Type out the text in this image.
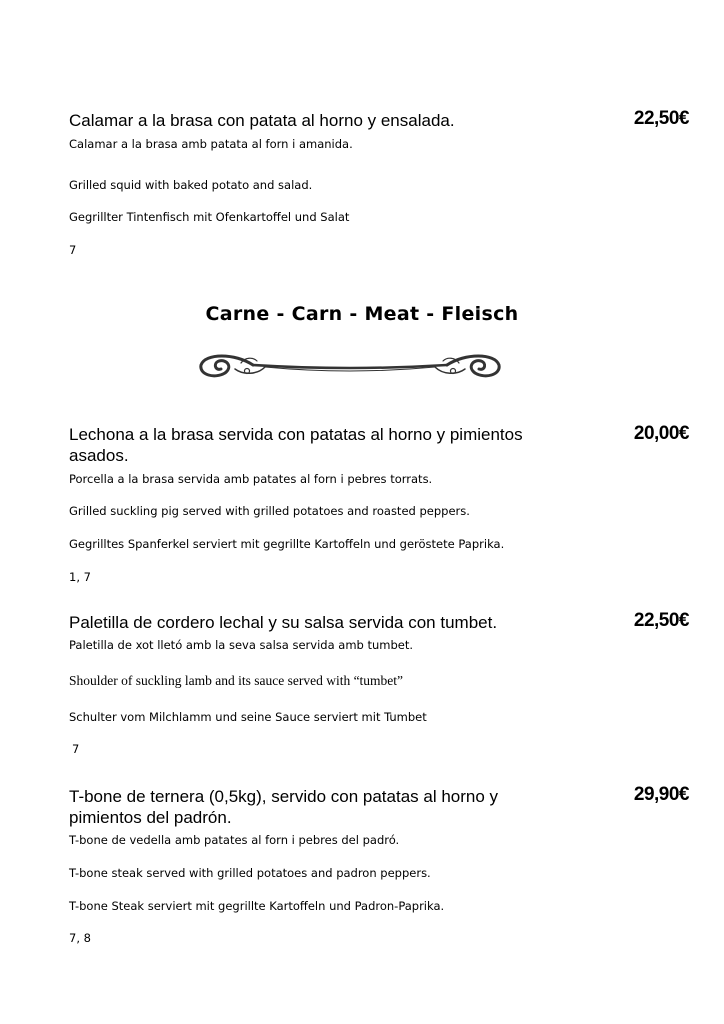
Calamar a la brasa con patata al horno y ensalada.	22,50€

Calamar a la brasa amb patata al forn i amanida.

Grilled squid with baked potato and salad.

Gegrillter Tintenfisch mit Ofenkartoffel und Salat

7
Carne - Carn - Meat - Fleisch

Lechona a la brasa servida con patatas al horno y pimientos asados.

20,00€

Porcella a la brasa servida amb patates al forn i pebres torrats.

Grilled suckling pig served with grilled potatoes and roasted peppers.

Gegrilltes Spanferkel serviert mit gegrillte Kartoffeln und geröstete Paprika.

1, 7

Paletilla de cordero lechal y su salsa servida con tumbet.	22,50€

Paletilla de xot lletó amb la seva salsa servida amb tumbet.

Shoulder of suckling lamb and its sauce served with “tumbet”

Schulter vom Milchlamm und seine Sauce serviert mit Tumbet

7

T-bone de ternera (0,5kg), servido con patatas al horno y pimientos del padrón.

29,90€

T-bone de vedella amb patates al forn i pebres del padró.

T-bone steak served with grilled potatoes and padron peppers.

T-bone Steak serviert mit gegrillte Kartoffeln und Padron-Paprika.

7, 8
